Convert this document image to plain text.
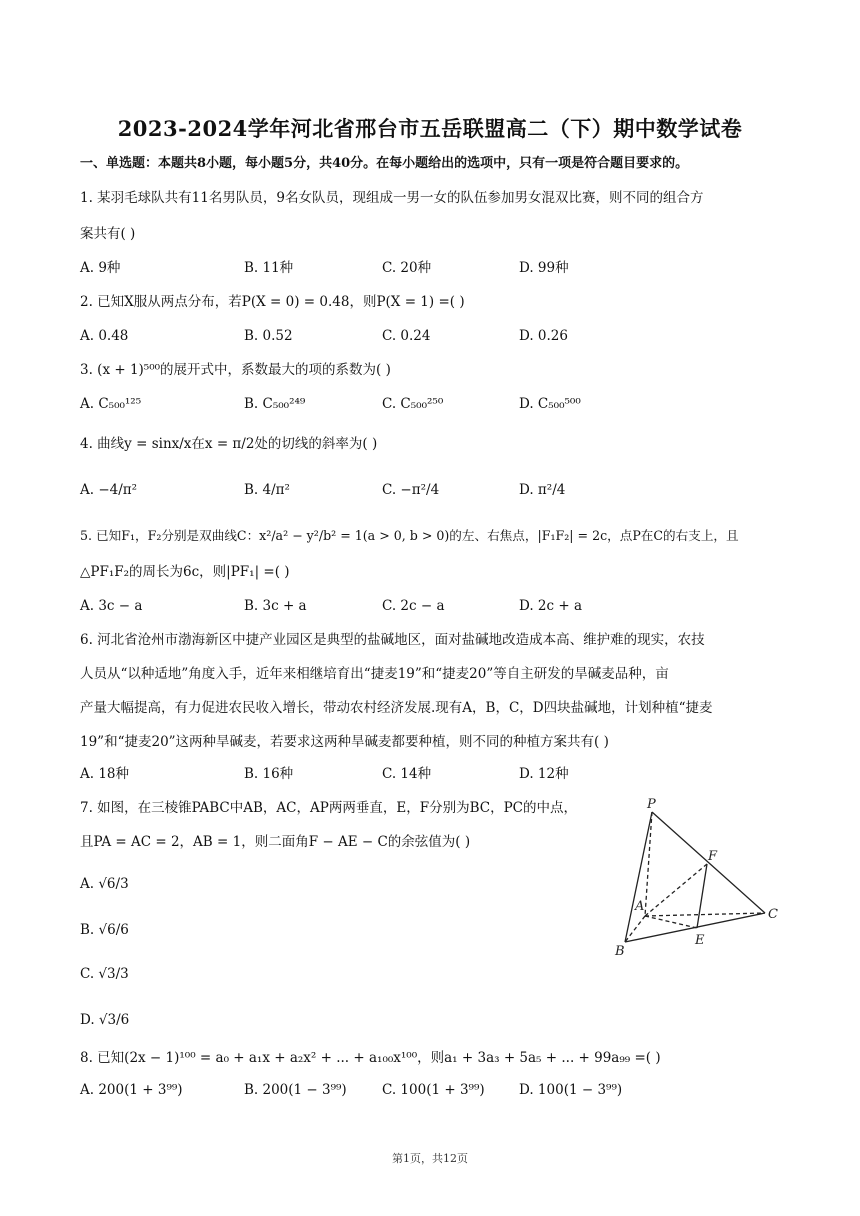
2023-2024学年河北省邢台市五岳联盟高二（下）期中数学试卷
一、单选题：本题共8小题，每小题5分，共40分。在每小题给出的选项中，只有一项是符合题目要求的。
1. 某羽毛球队共有11名男队员，9名女队员，现组成一男一女的队伍参加男女混双比赛，则不同的组合方
案共有( )
A. 9种	B. 11种	C. 20种	D. 99种
2. 已知X服从两点分布，若P(X = 0) = 0.48，则P(X = 1) =( )
A. 0.48	B. 0.52	C. 0.24	D. 0.26
3. (x + 1)⁵⁰⁰的展开式中，系数最大的项的系数为( )
A. C₅₀₀¹²⁵	B. C₅₀₀²⁴⁹	C. C₅₀₀²⁵⁰	D. C₅₀₀⁵⁰⁰
4. 曲线y = sinx/x在x = π/2处的切线的斜率为( )
A. −4/π²	B. 4/π²	C. −π²/4	D. π²/4
5. 已知F₁，F₂分别是双曲线C：x²/a² − y²/b² = 1(a > 0, b > 0)的左、右焦点，|F₁F₂| = 2c，点P在C的右支上，且
△PF₁F₂的周长为6c，则|PF₁| =( )
A. 3c − a	B. 3c + a	C. 2c − a	D. 2c + a
6. 河北省沧州市渤海新区中捷产业园区是典型的盐碱地区，面对盐碱地改造成本高、维护难的现实，农技
人员从“以种适地”角度入手，近年来相继培育出“捷麦19”和“捷麦20”等自主研发的旱碱麦品种，亩
产量大幅提高，有力促进农民收入增长，带动农村经济发展.现有A，B，C，D四块盐碱地，计划种植“捷麦
19”和“捷麦20”这两种旱碱麦，若要求这两种旱碱麦都要种植，则不同的种植方案共有( )
A. 18种	B. 16种	C. 14种	D. 12种
7. 如图，在三棱锥PABC中AB，AC，AP两两垂直，E，F分别为BC，PC的中点，
且PA = AC = 2，AB = 1，则二面角F − AE − C的余弦值为( )
A. √6/3
B. √6/6
C. √3/3
D. √3/6
P
F
A
C
B
E
8. 已知(2x − 1)¹⁰⁰ = a₀ + a₁x + a₂x² + ... + a₁₀₀x¹⁰⁰，则a₁ + 3a₃ + 5a₅ + ... + 99a₉₉ =( )
A. 200(1 + 3⁹⁹)	B. 200(1 − 3⁹⁹)	C. 100(1 + 3⁹⁹)	D. 100(1 − 3⁹⁹)
第1页，共12页
